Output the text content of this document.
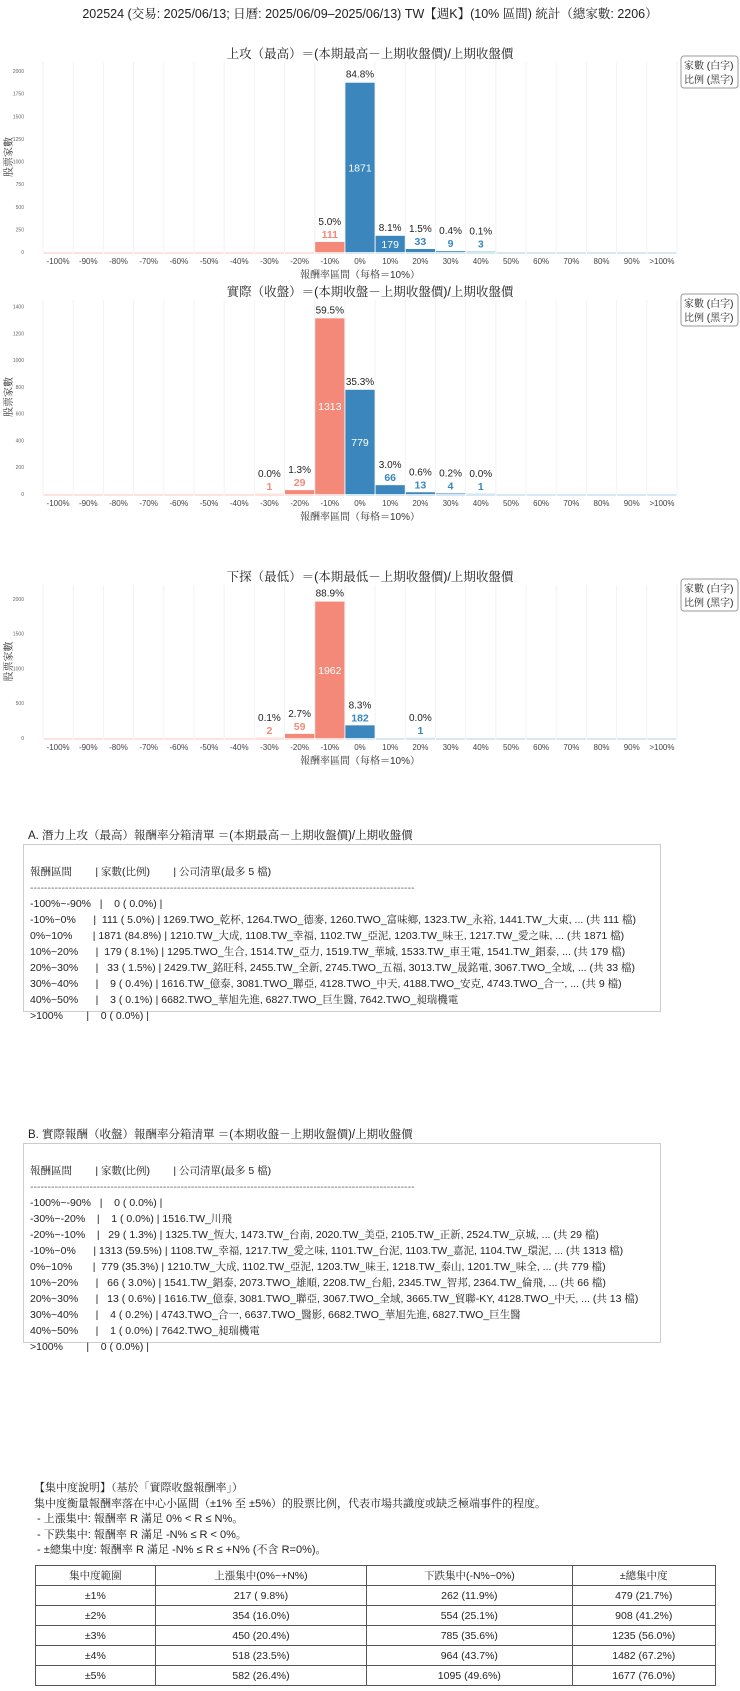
202524 (交易: 2025/06/13; 日曆: 2025/06/09–2025/06/13) TW【週K】(10% 區間) 統計（總家數: 2206）
上攻（最高）＝(本期最高－上期收盤價)/上期收盤價
0
250
500
750
1000
1250
1500
1750
2000
股票家數
-100% -90% -80% -70% -60% -50% -40% -30% -20%
111
5.0%
-10%
1871
84.8%
0%
179
8.1%
10%
33
1.5%
20%
9
0.4%
30%
3
0.1%
40% 50% 60% 70% 80% 90% >100%
報酬率區間（每格＝10%）
家數 (白字)
比例 (黑字)
實際（收盤）＝(本期收盤－上期收盤價)/上期收盤價
0
200
400
600
800
1000
1200
1400
股票家數
-100% -90% -80% -70% -60% -50% -40%
1
0.0%
-30%
29
1.3%
-20%
1313
59.5%
-10%
779
35.3%
0%
66
3.0%
10%
13
0.6%
20%
4
0.2%
30%
1
0.0%
40% 50% 60% 70% 80% 90% >100%
報酬率區間（每格＝10%）
家數 (白字)
比例 (黑字)
下探（最低）＝(本期最低－上期收盤價)/上期收盤價
0
500
1000
1500
2000
股票家數
-100% -90% -80% -70% -60% -50% -40%
2
0.1%
-30%
59
2.7%
-20%
1962
88.9%
-10%
182
8.3%
0% 10%
1
0.0%
20% 30% 40% 50% 60% 70% 80% 90% >100%
報酬率區間（每格＝10%）
家數 (白字)
比例 (黑字)
A. 潛力上攻（最高）報酬率分箱清單 ＝(本期最高－上期收盤價)/上期收盤價

報酬區間        | 家數(比例)        | 公司清單(最多 5 檔)
--------------------------------------------------------------------------------------------------------------
-100%~-90%   |    0 ( 0.0%) |
-10%~0%      |  111 ( 5.0%) | 1269.TWO_乾杯, 1264.TWO_德麥, 1260.TWO_富味鄉, 1323.TW_永裕, 1441.TW_大東, ... (共 111 檔)
0%~10%       | 1871 (84.8%) | 1210.TW_大成, 1108.TW_幸福, 1102.TW_亞泥, 1203.TW_味王, 1217.TW_愛之味, ... (共 1871 檔)
10%~20%      |  179 ( 8.1%) | 1295.TWO_生合, 1514.TW_亞力, 1519.TW_華城, 1533.TW_車王電, 1541.TW_錩泰, ... (共 179 檔)
20%~30%      |   33 ( 1.5%) | 2429.TW_銘旺科, 2455.TW_全新, 2745.TWO_五福, 3013.TW_晟銘電, 3067.TWO_全域, ... (共 33 檔)
30%~40%      |    9 ( 0.4%) | 1616.TW_億泰, 3081.TWO_聯亞, 4128.TWO_中天, 4188.TWO_安克, 4743.TWO_合一, ... (共 9 檔)
40%~50%      |    3 ( 0.1%) | 6682.TWO_華旭先進, 6827.TWO_巨生醫, 7642.TWO_昶瑞機電
>100%        |    0 ( 0.0%) |
B. 實際報酬（收盤）報酬率分箱清單 ＝(本期收盤－上期收盤價)/上期收盤價

報酬區間        | 家數(比例)        | 公司清單(最多 5 檔)
--------------------------------------------------------------------------------------------------------------
-100%~-90%   |    0 ( 0.0%) |
-30%~-20%    |    1 ( 0.0%) | 1516.TW_川飛
-20%~-10%    |   29 ( 1.3%) | 1325.TW_恆大, 1473.TW_台南, 2020.TW_美亞, 2105.TW_正新, 2524.TW_京城, ... (共 29 檔)
-10%~0%      | 1313 (59.5%) | 1108.TW_幸福, 1217.TW_愛之味, 1101.TW_台泥, 1103.TW_嘉泥, 1104.TW_環泥, ... (共 1313 檔)
0%~10%       |  779 (35.3%) | 1210.TW_大成, 1102.TW_亞泥, 1203.TW_味王, 1218.TW_泰山, 1201.TW_味全, ... (共 779 檔)
10%~20%      |   66 ( 3.0%) | 1541.TW_錩泰, 2073.TWO_雄順, 2208.TW_台船, 2345.TW_智邦, 2364.TW_倫飛, ... (共 66 檔)
20%~30%      |   13 ( 0.6%) | 1616.TW_億泰, 3081.TWO_聯亞, 3067.TWO_全域, 3665.TW_貿聯-KY, 4128.TWO_中天, ... (共 13 檔)
30%~40%      |    4 ( 0.2%) | 4743.TWO_合一, 6637.TWO_醫影, 6682.TWO_華旭先進, 6827.TWO_巨生醫
40%~50%      |    1 ( 0.0%) | 7642.TWO_昶瑞機電
>100%        |    0 ( 0.0%) |
【集中度說明】（基於「實際收盤報酬率」）
集中度衡量報酬率落在中心小區間（±1% 至 ±5%）的股票比例，代表市場共識度或缺乏極端事件的程度。
- 上漲集中: 報酬率 R 滿足 0% < R ≤ N%。
- 下跌集中: 報酬率 R 滿足 -N% ≤ R < 0%。
- ±總集中度: 報酬率 R 滿足 -N% ≤ R ≤ +N% (不含 R=0%)。
集中度範圍	上漲集中(0%~+N%)	下跌集中(-N%~0%)	±總集中度
±1%	217 ( 9.8%)	262 (11.9%)	479 (21.7%)
±2%	354 (16.0%)	554 (25.1%)	908 (41.2%)
±3%	450 (20.4%)	785 (35.6%)	1235 (56.0%)
±4%	518 (23.5%)	964 (43.7%)	1482 (67.2%)
±5%	582 (26.4%)	1095 (49.6%)	1677 (76.0%)
